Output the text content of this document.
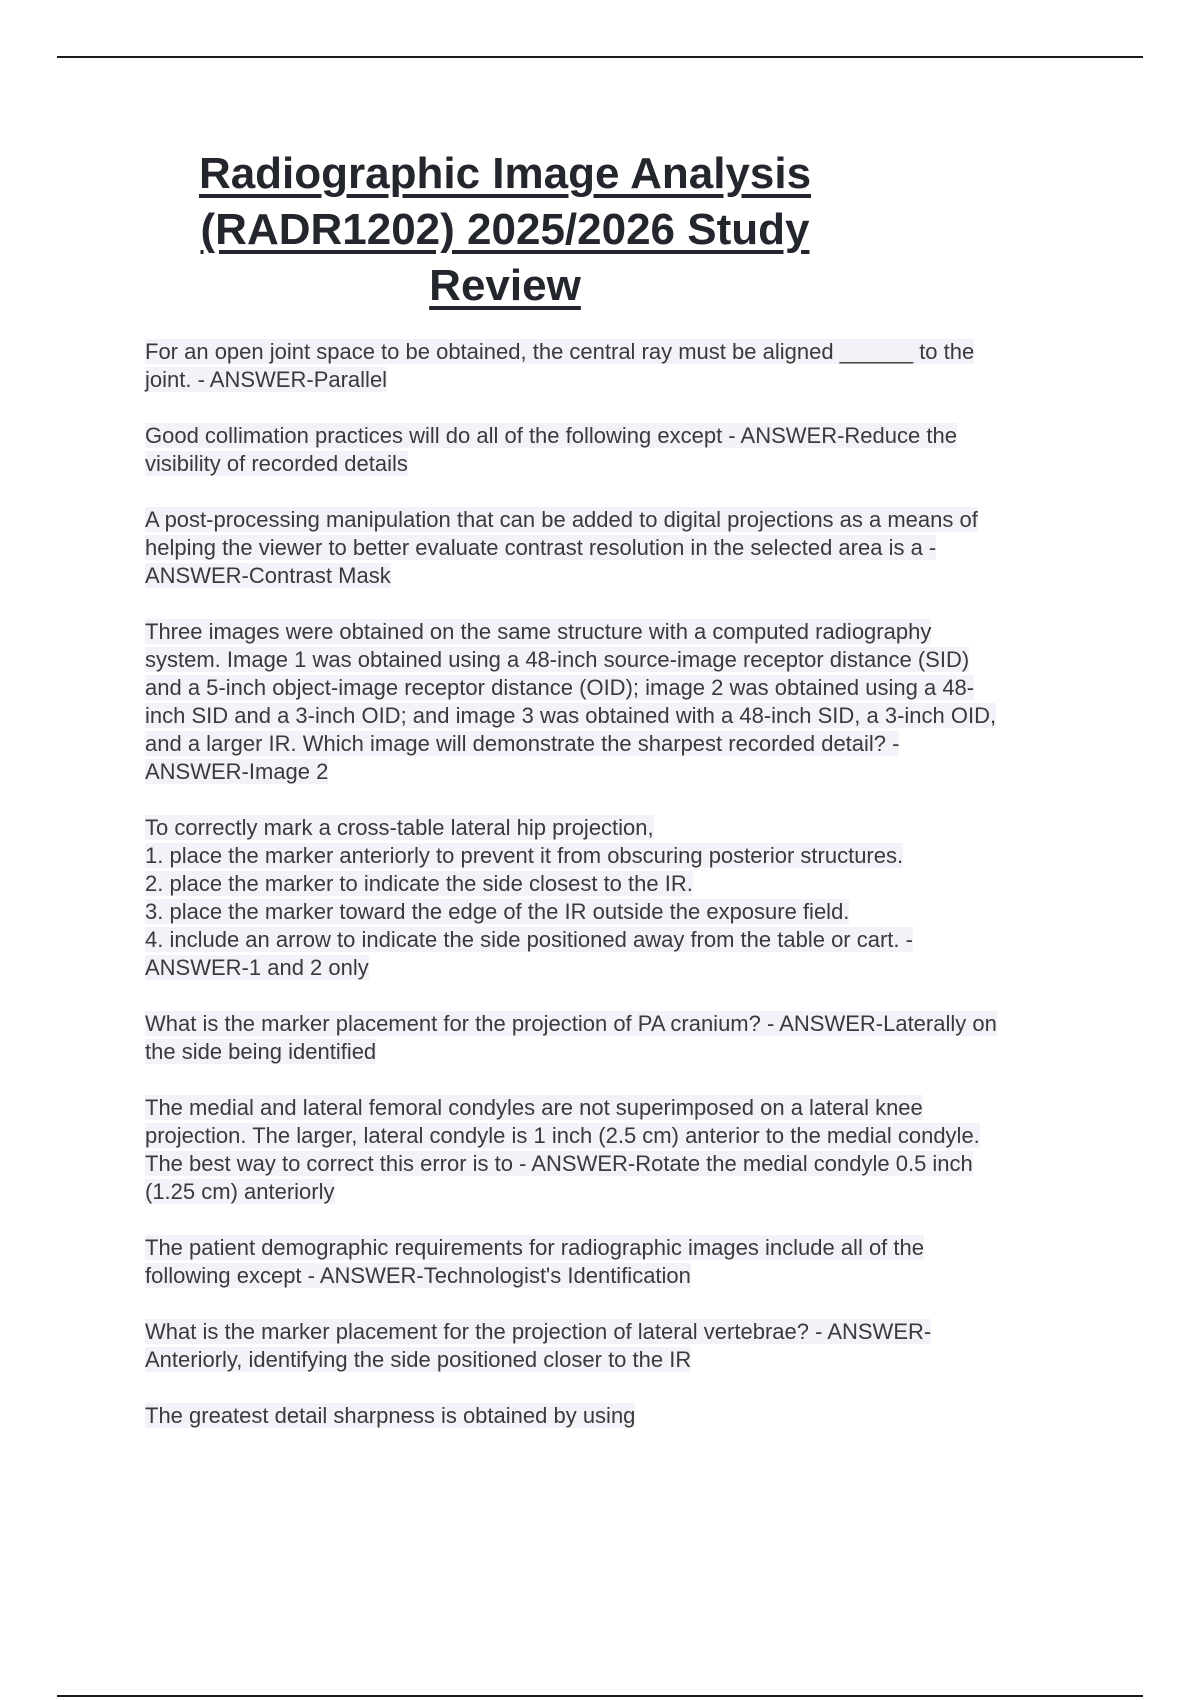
Radiographic Image Analysis
(RADR1202) 2025/2026 Study
Review

For an open joint space to be obtained, the central ray must be aligned ______ to the
joint. - ANSWER-Parallel

Good collimation practices will do all of the following except - ANSWER-Reduce the
visibility of recorded details

A post-processing manipulation that can be added to digital projections as a means of
helping the viewer to better evaluate contrast resolution in the selected area is a -
ANSWER-Contrast Mask

Three images were obtained on the same structure with a computed radiography
system. Image 1 was obtained using a 48-inch source-image receptor distance (SID)
and a 5-inch object-image receptor distance (OID); image 2 was obtained using a 48-
inch SID and a 3-inch OID; and image 3 was obtained with a 48-inch SID, a 3-inch OID,
and a larger IR. Which image will demonstrate the sharpest recorded detail? -
ANSWER-Image 2

To correctly mark a cross-table lateral hip projection,
1. place the marker anteriorly to prevent it from obscuring posterior structures.
2. place the marker to indicate the side closest to the IR.
3. place the marker toward the edge of the IR outside the exposure field.
4. include an arrow to indicate the side positioned away from the table or cart. -
ANSWER-1 and 2 only

What is the marker placement for the projection of PA cranium? - ANSWER-Laterally on
the side being identified

The medial and lateral femoral condyles are not superimposed on a lateral knee
projection. The larger, lateral condyle is 1 inch (2.5 cm) anterior to the medial condyle.
The best way to correct this error is to - ANSWER-Rotate the medial condyle 0.5 inch
(1.25 cm) anteriorly

The patient demographic requirements for radiographic images include all of the
following except - ANSWER-Technologist's Identification

What is the marker placement for the projection of lateral vertebrae? - ANSWER-
Anteriorly, identifying the side positioned closer to the IR

The greatest detail sharpness is obtained by using
